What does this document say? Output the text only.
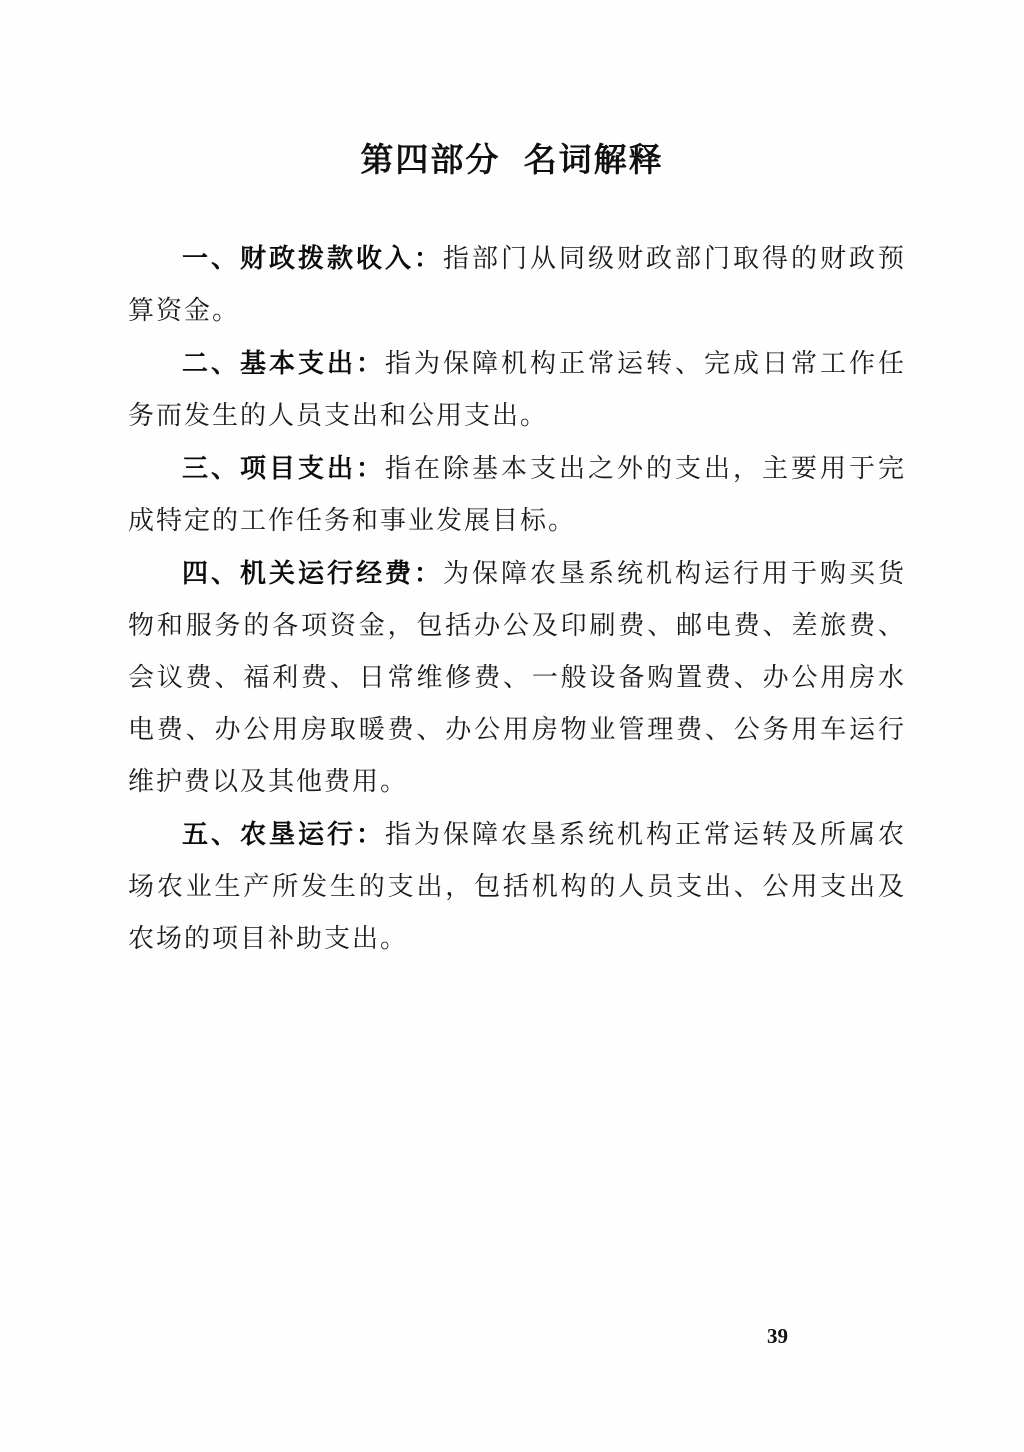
第四部分 名词解释

一、财政拨款收入：指部门从同级财政部门取得的财政预算资金。

二、基本支出：指为保障机构正常运转、完成日常工作任务而发生的人员支出和公用支出。

三、项目支出：指在除基本支出之外的支出，主要用于完成特定的工作任务和事业发展目标。

四、机关运行经费：为保障农垦系统机构运行用于购买货物和服务的各项资金，包括办公及印刷费、邮电费、差旅费、会议费、福利费、日常维修费、一般设备购置费、办公用房水电费、办公用房取暖费、办公用房物业管理费、公务用车运行维护费以及其他费用。

五、农垦运行：指为保障农垦系统机构正常运转及所属农场农业生产所发生的支出，包括机构的人员支出、公用支出及农场的项目补助支出。

39
